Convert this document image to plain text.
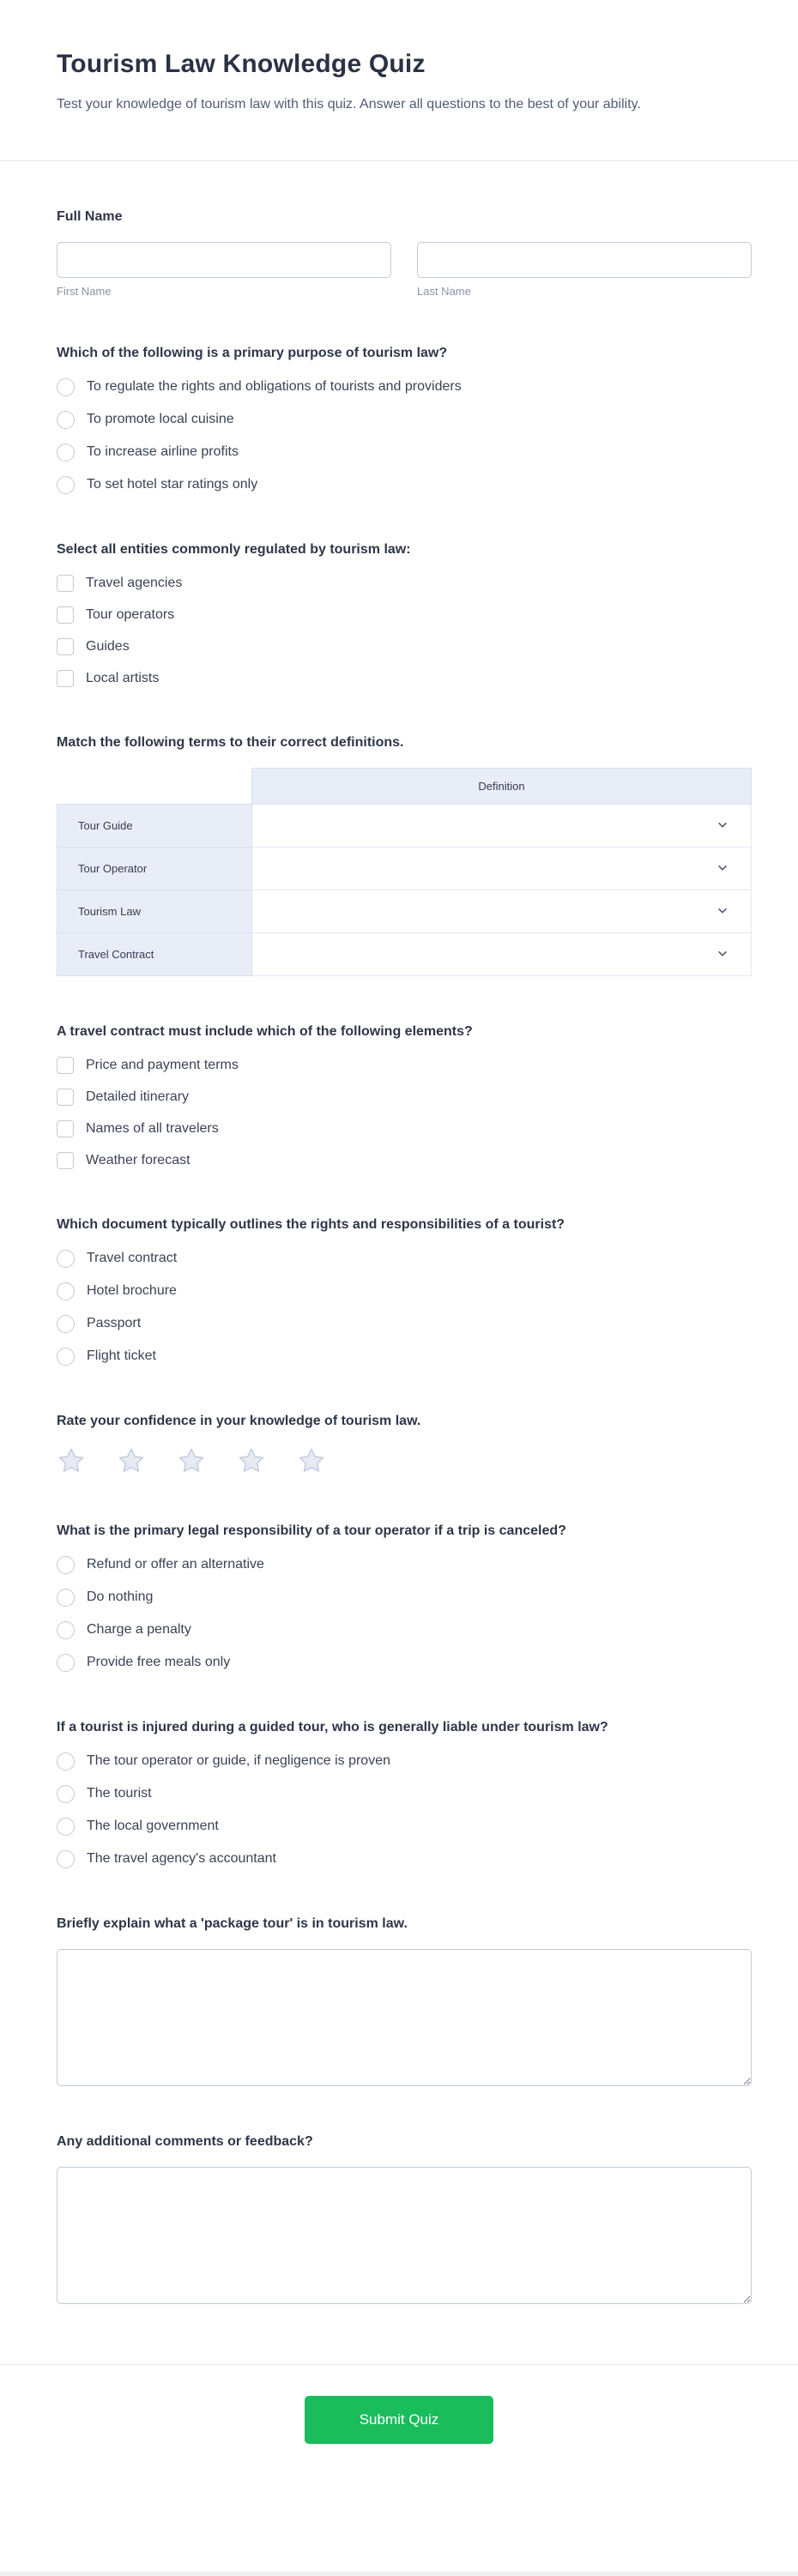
Tourism Law Knowledge Quiz

Test your knowledge of tourism law with this quiz. Answer all questions to the best of your ability.

Full Name
First Name	Last Name
Which of the following is a primary purpose of tourism law?
To regulate the rights and obligations of tourists and providers
To promote local cuisine
To increase airline profits
To set hotel star ratings only
Select all entities commonly regulated by tourism law:
Travel agencies
Tour operators
Guides
Local artists
Match the following terms to their correct definitions.
	Definition
Tour Guide	

Tour Operator	

Tourism Law	

Travel Contract	
A travel contract must include which of the following elements?
Price and payment terms
Detailed itinerary
Names of all travelers
Weather forecast
Which document typically outlines the rights and responsibilities of a tourist?
Travel contract
Hotel brochure
Passport
Flight ticket
Rate your confidence in your knowledge of tourism law.
What is the primary legal responsibility of a tour operator if a trip is canceled?
Refund or offer an alternative
Do nothing
Charge a penalty
Provide free meals only
If a tourist is injured during a guided tour, who is generally liable under tourism law?
The tour operator or guide, if negligence is proven
The tourist
The local government
The travel agency's accountant
Briefly explain what a 'package tour' is in tourism law.
Any additional comments or feedback?
Submit Quiz
